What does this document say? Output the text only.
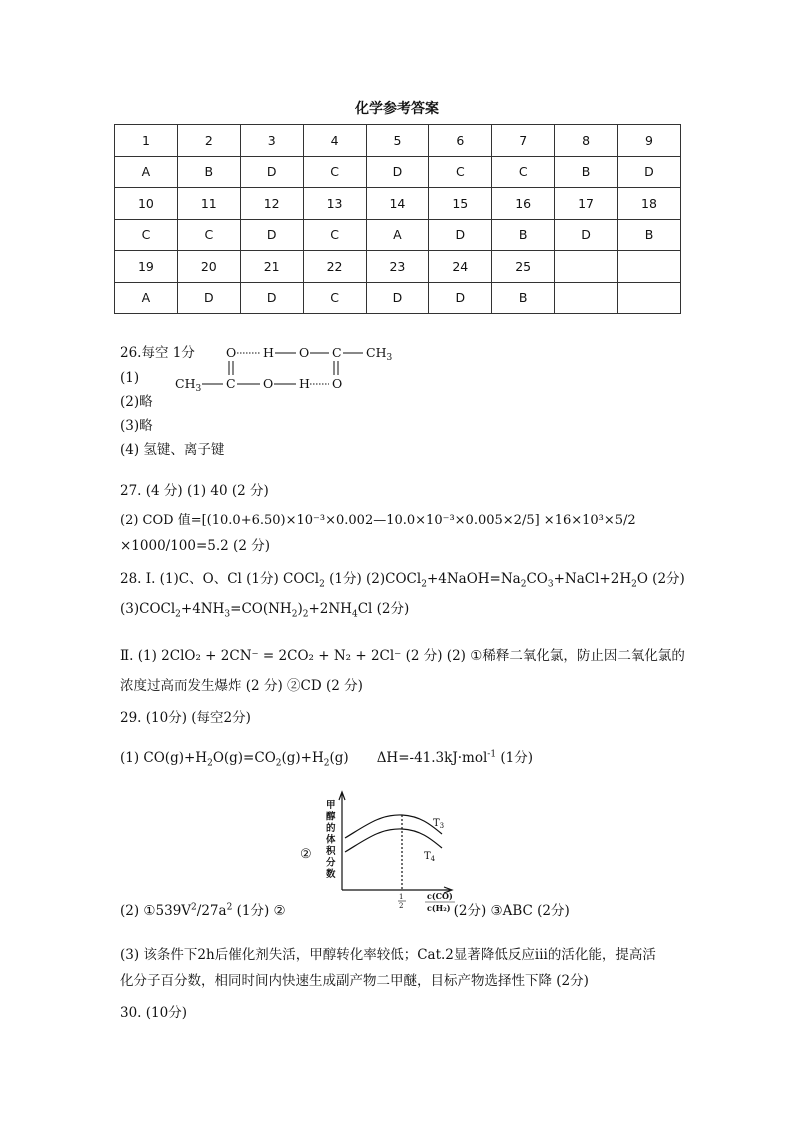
化学参考答案
1	2	3	4	5	6	7	8	9
A	B	D	C	D	C	C	B	D
10	11	12	13	14	15	16	17	18
C	C	D	C	A	D	B	D	B
19	20	21	22	23	24	25		
A	D	D	C	D	D	B		
26.每空 1分
(1)
(2)略
(3)略
(4) 氢键、离子键
O H O C $CH_3$
$CH_3$ C O H O
27. (4 分) (1) 40 (2 分)
(2) COD 值=[(10.0+6.50)×10⁻³×0.002—10.0×10⁻³×0.005×2/5] ×16×10³×5/2
×1000/100=5.2 (2 分)
28. Ⅰ. (1)C、O、Cl (1分) COCl$_2$ (1分) $(2)COCl_2+4NaOH=Na_2CO_3+NaCl+2H_2O$ (2分)
$(3)COCl_2+4NH_3=CO(NH_2)_2+2NH_4Cl$ (2分)
Ⅱ. (1) 2ClO₂ + 2CN⁻ = 2CO₂ + N₂ + 2Cl⁻ (2 分) (2) ①稀释二氧化氯，防止因二氧化氯的
浓度过高而发生爆炸 (2 分) ②CD (2 分)
29. (10分) (每空2分)
(1) $CO(g)+H_2O(g)=CO_2(g)+H_2(g)$ ΔH=-41.3kJ·mol$^{-1}$ (1分)
甲
醇
的
体
积
分
数
②
$T_3$
$T_4$
1
2
c(CO)
c(H₂)
(2) $①539V^2/27a^2$ (1分) ②	(2分) ③ABC (2分)
(3) 该条件下2h后催化剂失活，甲醇转化率较低；Cat.2显著降低反应ⅲ的活化能，提高活
化分子百分数，相同时间内快速生成副产物二甲醚，目标产物选择性下降 (2分)
30. (10分)
